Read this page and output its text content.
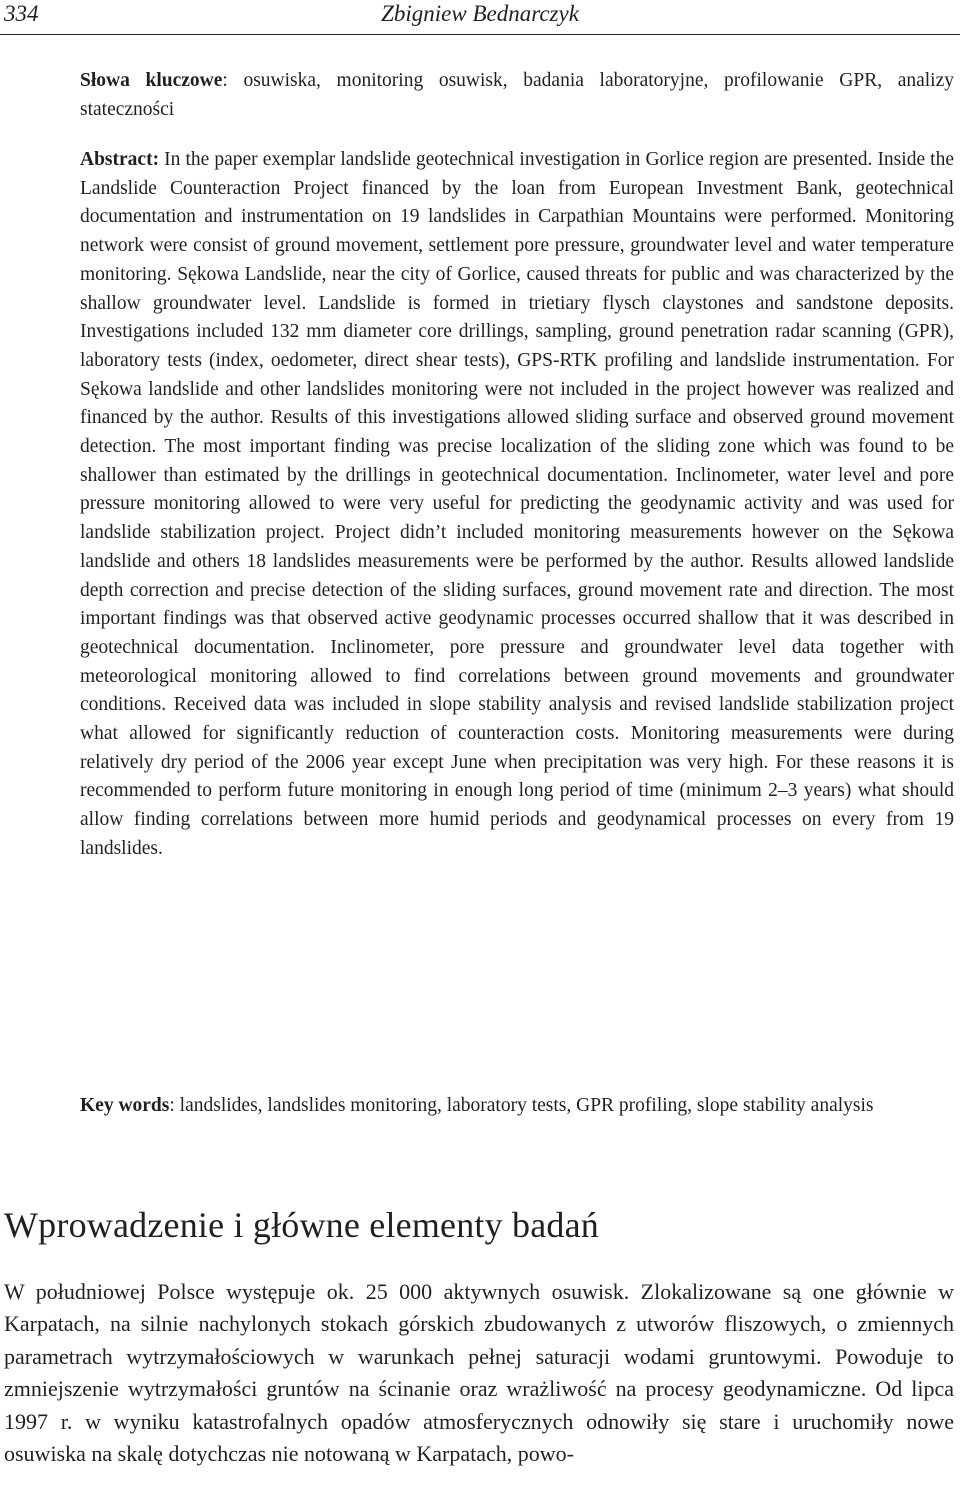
334	Zbigniew Bednarczyk
Słowa kluczowe: osuwiska, monitoring osuwisk, badania laboratoryjne, profilowanie GPR, analizy stateczności
Abstract: In the paper exemplar landslide geotechnical investigation in Gorlice region are presented. Inside the Landslide Counteraction Project financed by the loan from European Investment Bank, geotechnical documentation and instrumentation on 19 landslides in Carpathian Mountains were performed. Monitoring network were consist of ground movement, settlement pore pressure, groundwater level and water temperature monitoring. Sękowa Landslide, near the city of Gorlice, caused threats for public and was characterized by the shallow groundwater level. Landslide is formed in trietiary flysch claystones and sandstone deposits. Investigations included 132 mm diameter core drillings, sampling, ground penetration radar scanning (GPR), laboratory tests (index, oedometer, direct shear tests), GPS-RTK profiling and landslide instrumentation. For Sękowa landslide and other landslides monitoring were not included in the project however was realized and financed by the author. Results of this investigations allowed sliding surface and observed ground movement detection. The most important finding was precise localization of the sliding zone which was found to be shallower than estimated by the drillings in geotechnical documentation. Inclinometer, water level and pore pressure monitoring allowed to were very useful for predicting the geodynamic activity and was used for landslide stabilization project. Project didn’t included monitoring measurements however on the Sękowa landslide and others 18 landslides measurements were be performed by the author. Results allowed landslide depth correction and precise detection of the sliding surfaces, ground movement rate and direction. The most important findings was that observed active geodynamic processes occurred shallow that it was described in geotechnical documentation. Inclinometer, pore pressure and groundwater level data together with meteorological monitoring allowed to find correlations between ground movements and groundwater conditions. Received data was included in slope stability analysis and revised landslide stabilization project what allowed for significantly reduction of counteraction costs. Monitoring measurements were during relatively dry period of the 2006 year except June when precipitation was very high. For these reasons it is recommended to perform future monitoring in enough long period of time (minimum 2–3 years) what should allow finding correlations between more humid periods and geodynamical processes on every from 19 landslides.
Key words: landslides, landslides monitoring, laboratory tests, GPR profiling, slope stability analysis
Wprowadzenie i główne elementy badań

W południowej Polsce występuje ok. 25 000 aktywnych osuwisk. Zlokalizowane są one głównie w Karpatach, na silnie nachylonych stokach górskich zbudowanych z utworów fliszowych, o zmiennych parametrach wytrzymałościowych w warunkach pełnej saturacji wodami gruntowymi. Powoduje to zmniejszenie wytrzymałości gruntów na ścinanie oraz wrażliwość na procesy geodynamiczne. Od lipca 1997 r. w wyniku katastrofalnych opadów atmosferycznych odnowiły się stare i uruchomiły nowe osuwiska na skalę dotychczas nie notowaną w Karpatach, powo-
